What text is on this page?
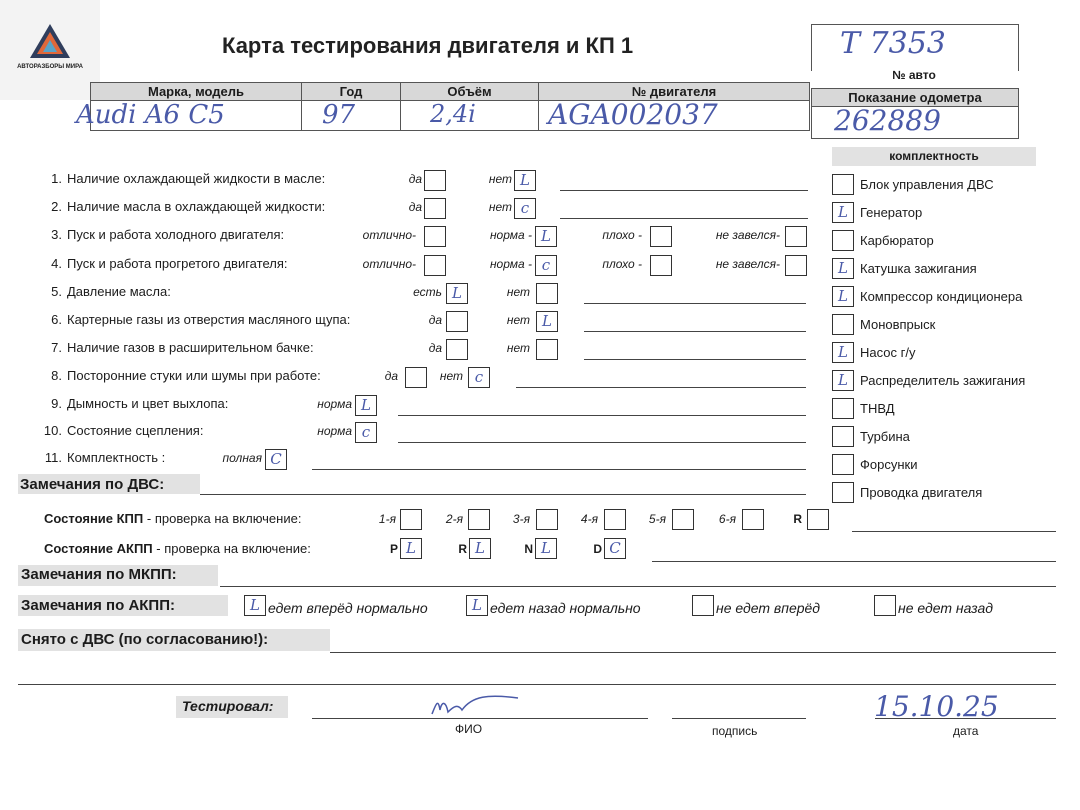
АВТОРАЗБОРЫ МИРА
Карта тестирования двигателя и КП 1	Т 7353
№ авто
Марка, модель	Год	Объём	№ двигателя	Показание одометра
Audi A6 C5	97	2,4i	AGA002037	262889
комплектность
1. Наличие охлаждающей жидкости в масле:	да	нет L
2. Наличие масла в охлаждающей жидкости:	да	нет c
3. Пуск и работа холодного двигателя:	отлично-	норма - L	плохо -	не завелся-
4. Пуск и работа прогретого двигателя:	отлично-	норма - c	плохо -	не завелся-
5. Давление масла:	есть L	нет
6. Картерные газы из отверстия масляного щупа:	да	нет L
7. Наличие газов в расширительном бачке:	да	нет
8. Посторонние стуки или шумы при работе:	да	нет c
9. Дымность и цвет выхлопа:	норма L
10. Состояние сцепления:	норма c
11. Комплектность :	полная C
Блок управления ДВС
L Генератор
Карбюратор
L Катушка зажигания
L Компрессор кондиционера
Моновпрыск
L Насос г/у
L Распределитель зажигания
ТНВД
Турбина
Форсунки
Проводка двигателя
Замечания по ДВС:
Состояние КПП - проверка на включение:	1-я	2-я	3-я	4-я	5-я	6-я	R
Состояние АКПП - проверка на включение:	P L	R L	N L	D C
Замечания по МКПП:
Замечания по АКПП:	L едет вперёд нормально	L едет назад нормально	не едет вперёд	не едет назад
Снято с ДВС (по согласованию!):
Тестировал:
ФИО	подпись	дата
15.10.25
